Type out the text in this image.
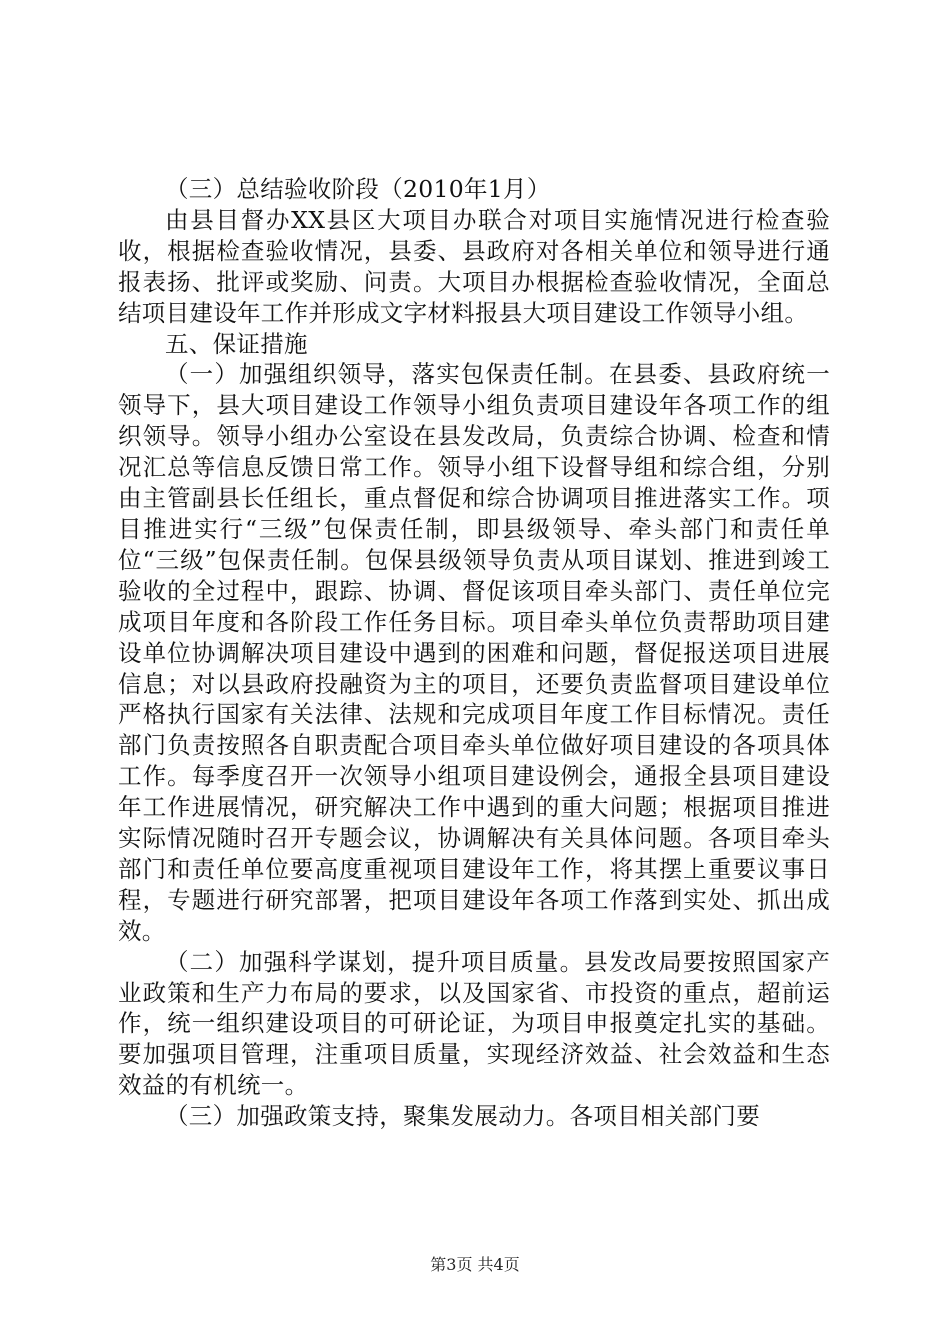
（三）总结验收阶段（2010年1月）

由县目督办XX县区大项目办联合对项目实施情况进行检查验收，根据检查验收情况，县委、县政府对各相关单位和领导进行通报表扬、批评或奖励、问责。大项目办根据检查验收情况，全面总结项目建设年工作并形成文字材料报县大项目建设工作领导小组。

五、保证措施

（一）加强组织领导，落实包保责任制。在县委、县政府统一领导下，县大项目建设工作领导小组负责项目建设年各项工作的组织领导。领导小组办公室设在县发改局，负责综合协调、检查和情况汇总等信息反馈日常工作。领导小组下设督导组和综合组，分别由主管副县长任组长，重点督促和综合协调项目推进落实工作。项目推进实行“三级”包保责任制，即县级领导、牵头部门和责任单位“三级”包保责任制。包保县级领导负责从项目谋划、推进到竣工验收的全过程中，跟踪、协调、督促该项目牵头部门、责任单位完成项目年度和各阶段工作任务目标。项目牵头单位负责帮助项目建设单位协调解决项目建设中遇到的困难和问题，督促报送项目进展信息；对以县政府投融资为主的项目，还要负责监督项目建设单位严格执行国家有关法律、法规和完成项目年度工作目标情况。责任部门负责按照各自职责配合项目牵头单位做好项目建设的各项具体工作。每季度召开一次领导小组项目建设例会，通报全县项目建设年工作进展情况，研究解决工作中遇到的重大问题；根据项目推进实际情况随时召开专题会议，协调解决有关具体问题。各项目牵头部门和责任单位要高度重视项目建设年工作，将其摆上重要议事日程，专题进行研究部署，把项目建设年各项工作落到实处、抓出成效。

（二）加强科学谋划，提升项目质量。县发改局要按照国家产业政策和生产力布局的要求，以及国家省、市投资的重点，超前运作，统一组织建设项目的可研论证，为项目申报奠定扎实的基础。要加强项目管理，注重项目质量，实现经济效益、社会效益和生态效益的有机统一。

（三）加强政策支持，聚集发展动力。各项目相关部门要

第3页 共4页
